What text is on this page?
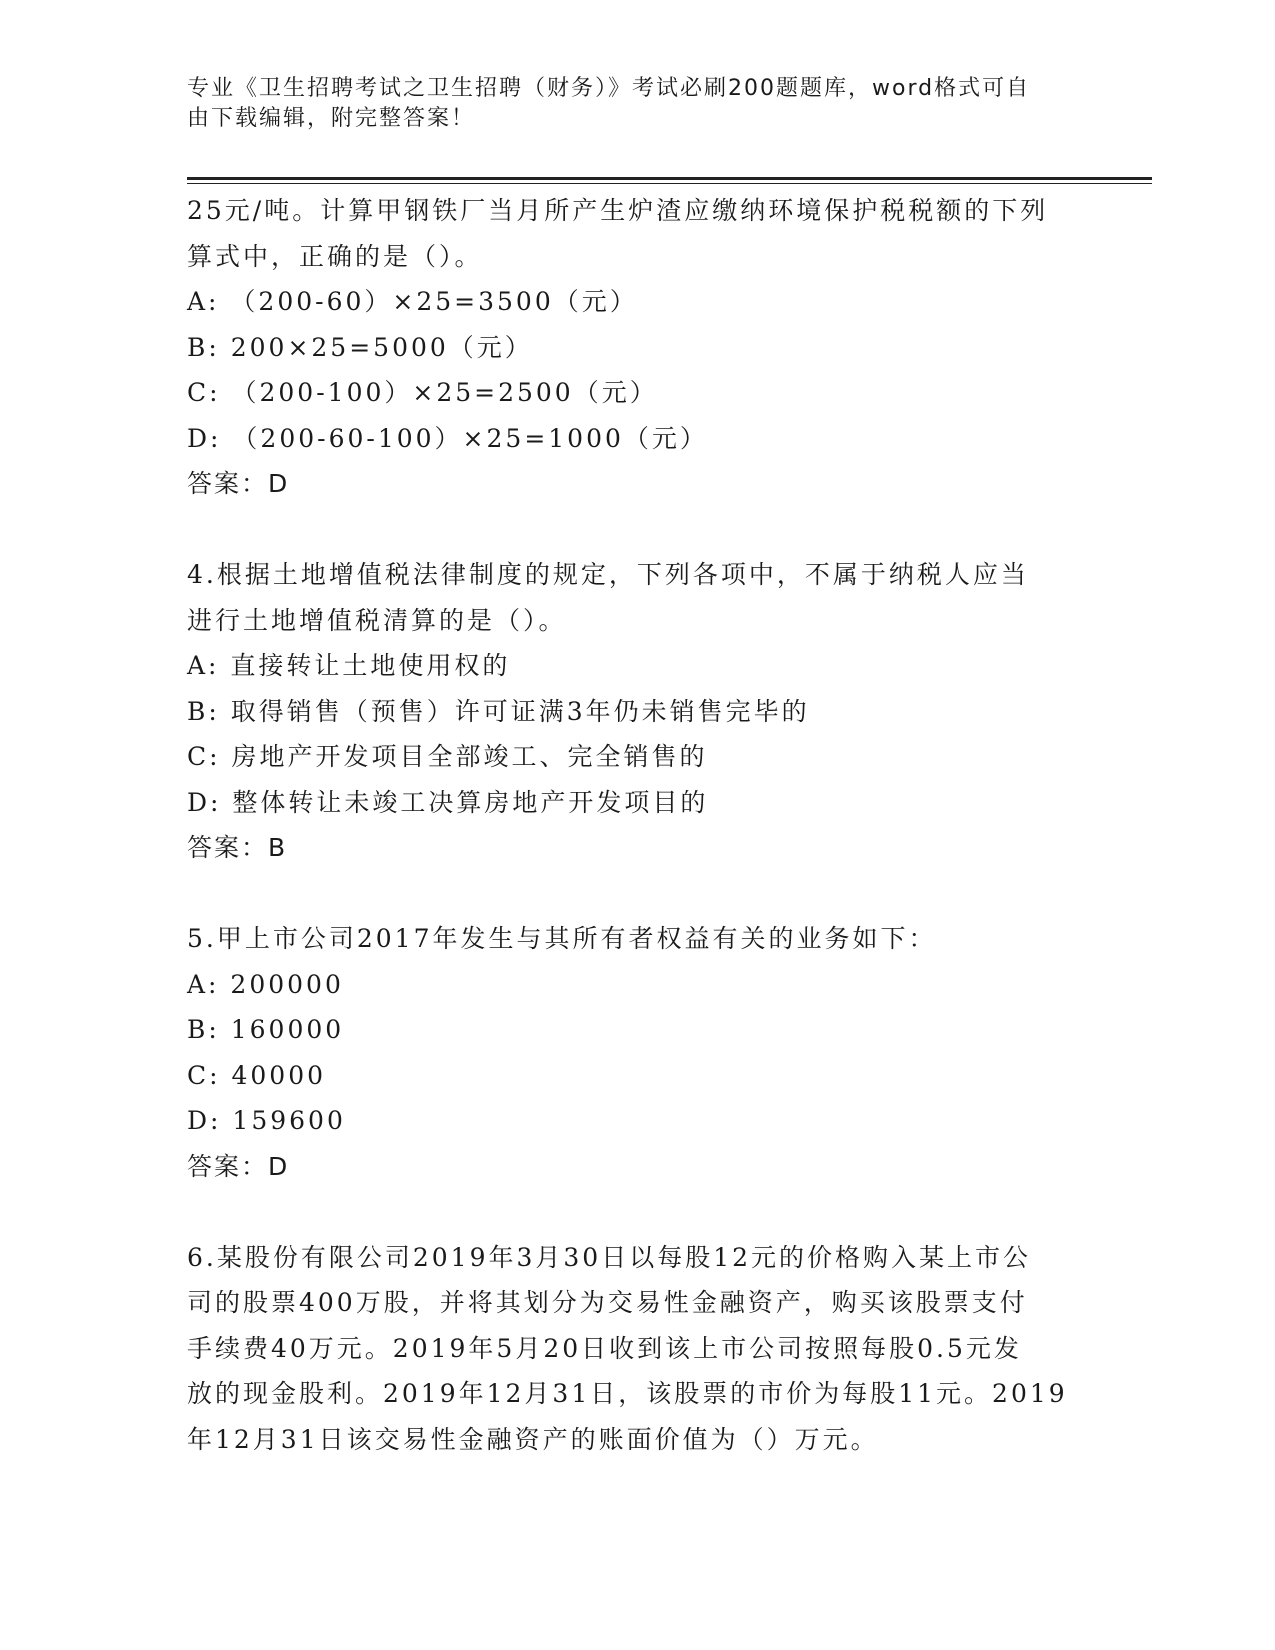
专业《卫生招聘考试之卫生招聘（财务）》考试必刷200题题库，word格式可自
由下载编辑，附完整答案！
25元/吨。计算甲钢铁厂当月所产生炉渣应缴纳环境保护税税额的下列
算式中，正确的是（）。
A: （200-60）×25=3500（元）
B: 200×25=5000（元）
C: （200-100）×25=2500（元）
D: （200-60-100）×25=1000（元）
答案：D
4.根据土地增值税法律制度的规定，下列各项中，不属于纳税人应当
进行土地增值税清算的是（）。
A: 直接转让土地使用权的
B: 取得销售（预售）许可证满3年仍未销售完毕的
C: 房地产开发项目全部竣工、完全销售的
D: 整体转让未竣工决算房地产开发项目的
答案：B
5.甲上市公司2017年发生与其所有者权益有关的业务如下：
A: 200000
B: 160000
C: 40000
D: 159600
答案：D
6.某股份有限公司2019年3月30日以每股12元的价格购入某上市公
司的股票400万股，并将其划分为交易性金融资产，购买该股票支付
手续费40万元。2019年5月20日收到该上市公司按照每股0.5元发
放的现金股利。2019年12月31日，该股票的市价为每股11元。2019
年12月31日该交易性金融资产的账面价值为（）万元。
